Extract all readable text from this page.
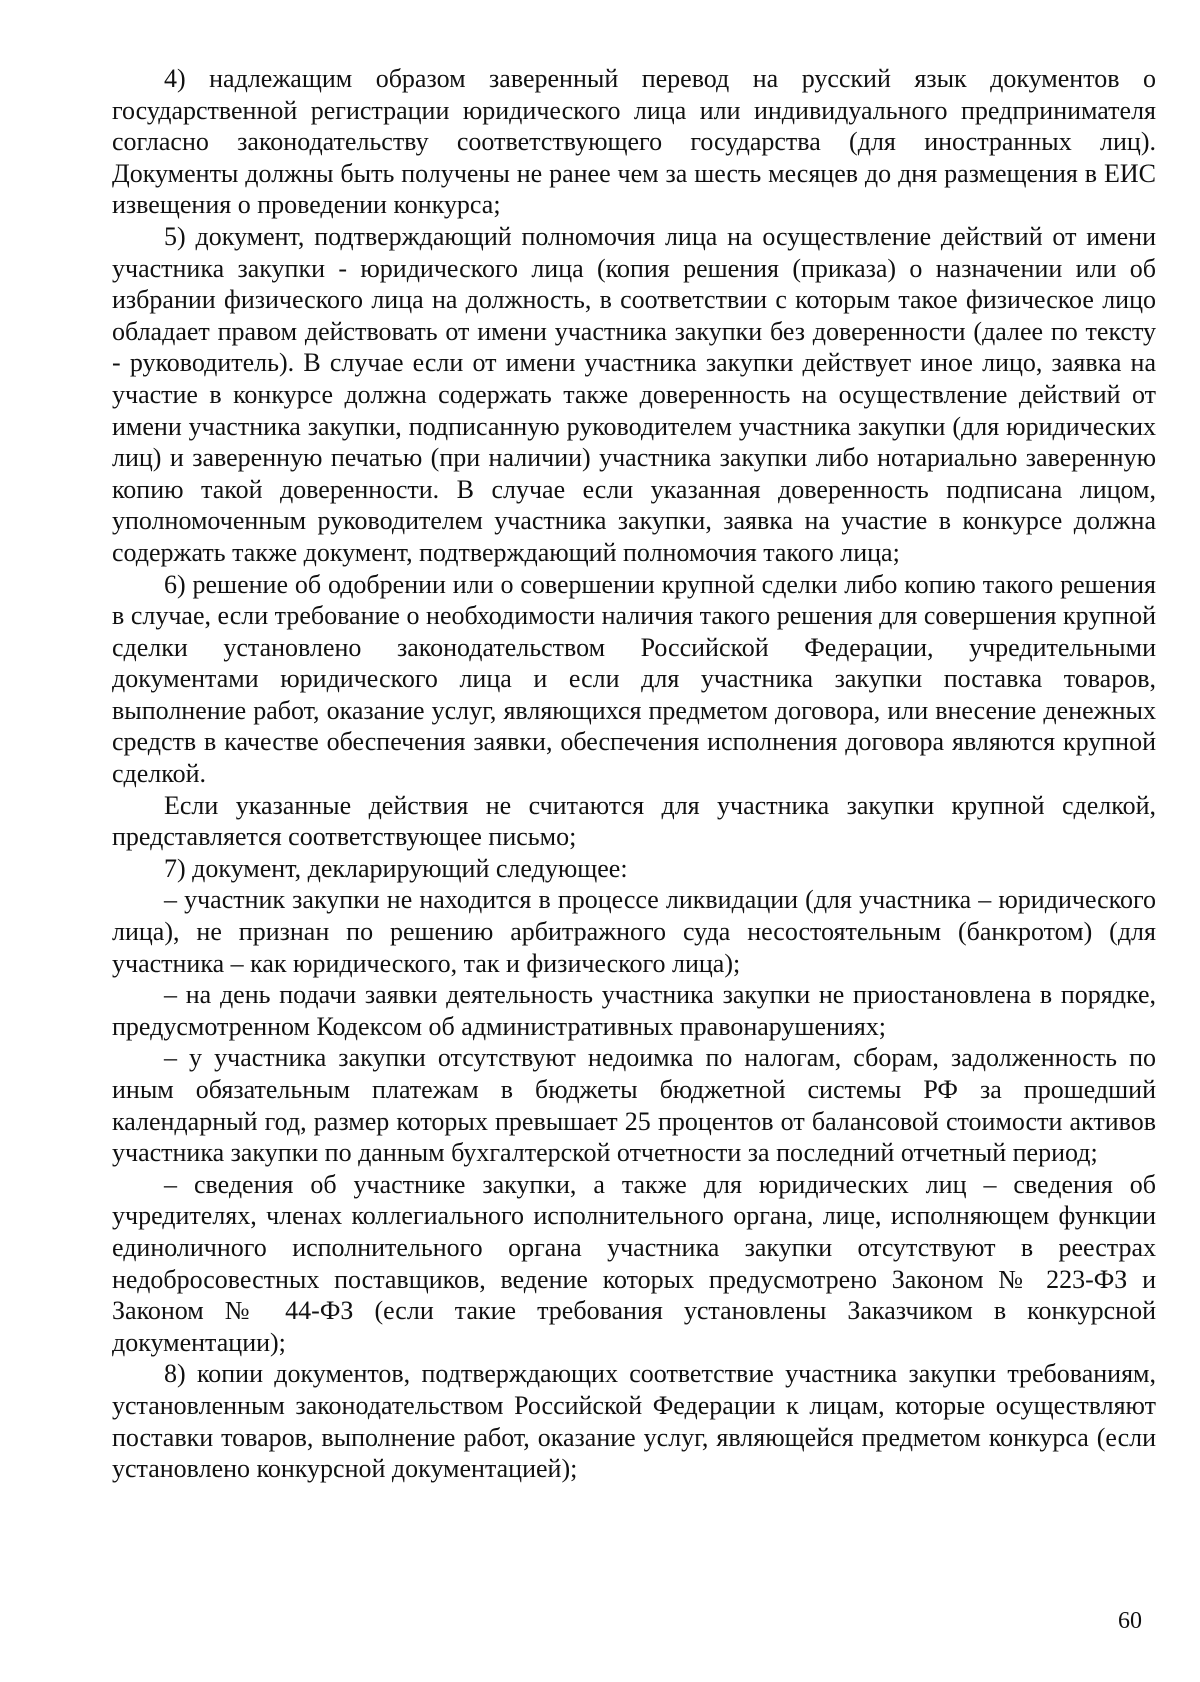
4) надлежащим образом заверенный перевод на русский язык документов о государственной регистрации юридического лица или индивидуального предпринимателя согласно законодательству соответствующего государства (для иностранных лиц). Документы должны быть получены не ранее чем за шесть месяцев до дня размещения в ЕИС извещения о проведении конкурса;

5) документ, подтверждающий полномочия лица на осуществление действий от имени участника закупки - юридического лица (копия решения (приказа) о назначении или об избрании физического лица на должность, в соответствии с которым такое физическое лицо обладает правом действовать от имени участника закупки без доверенности (далее по тексту - руководитель). В случае если от имени участника закупки действует иное лицо, заявка на участие в конкурсе должна содержать также доверенность на осуществление действий от имени участника закупки, подписанную руководителем участника закупки (для юридических лиц) и заверенную печатью (при наличии) участника закупки либо нотариально заверенную копию такой доверенности. В случае если указанная доверенность подписана лицом, уполномоченным руководителем участника закупки, заявка на участие в конкурсе должна содержать также документ, подтверждающий полномочия такого лица;

6) решение об одобрении или о совершении крупной сделки либо копию такого решения в случае, если требование о необходимости наличия такого решения для совершения крупной сделки установлено законодательством Российской Федерации, учредительными документами юридического лица и если для участника закупки поставка товаров, выполнение работ, оказание услуг, являющихся предметом договора, или внесение денежных средств в качестве обеспечения заявки, обеспечения исполнения договора являются крупной сделкой.

Если указанные действия не считаются для участника закупки крупной сделкой, представляется соответствующее письмо;

7) документ, декларирующий следующее:

– участник закупки не находится в процессе ликвидации (для участника – юридического лица), не признан по решению арбитражного суда несостоятельным (банкротом) (для участника – как юридического, так и физического лица);

– на день подачи заявки деятельность участника закупки не приостановлена в порядке, предусмотренном Кодексом об административных правонарушениях;

– у участника закупки отсутствуют недоимка по налогам, сборам, задолженность по иным обязательным платежам в бюджеты бюджетной системы РФ за прошедший календарный год, размер которых превышает 25 процентов от балансовой стоимости активов участника закупки по данным бухгалтерской отчетности за последний отчетный период;

– сведения об участнике закупки, а также для юридических лиц – сведения об учредителях, членах коллегиального исполнительного органа, лице, исполняющем функции единоличного исполнительного органа участника закупки отсутствуют в реестрах недобросовестных поставщиков, ведение которых предусмотрено Законом № 223-ФЗ и Законом № 44-ФЗ (если такие требования установлены Заказчиком в конкурсной документации);

8) копии документов, подтверждающих соответствие участника закупки требованиям, установленным законодательством Российской Федерации к лицам, которые осуществляют поставки товаров, выполнение работ, оказание услуг, являющейся предметом конкурса (если установлено конкурсной документацией);

60
